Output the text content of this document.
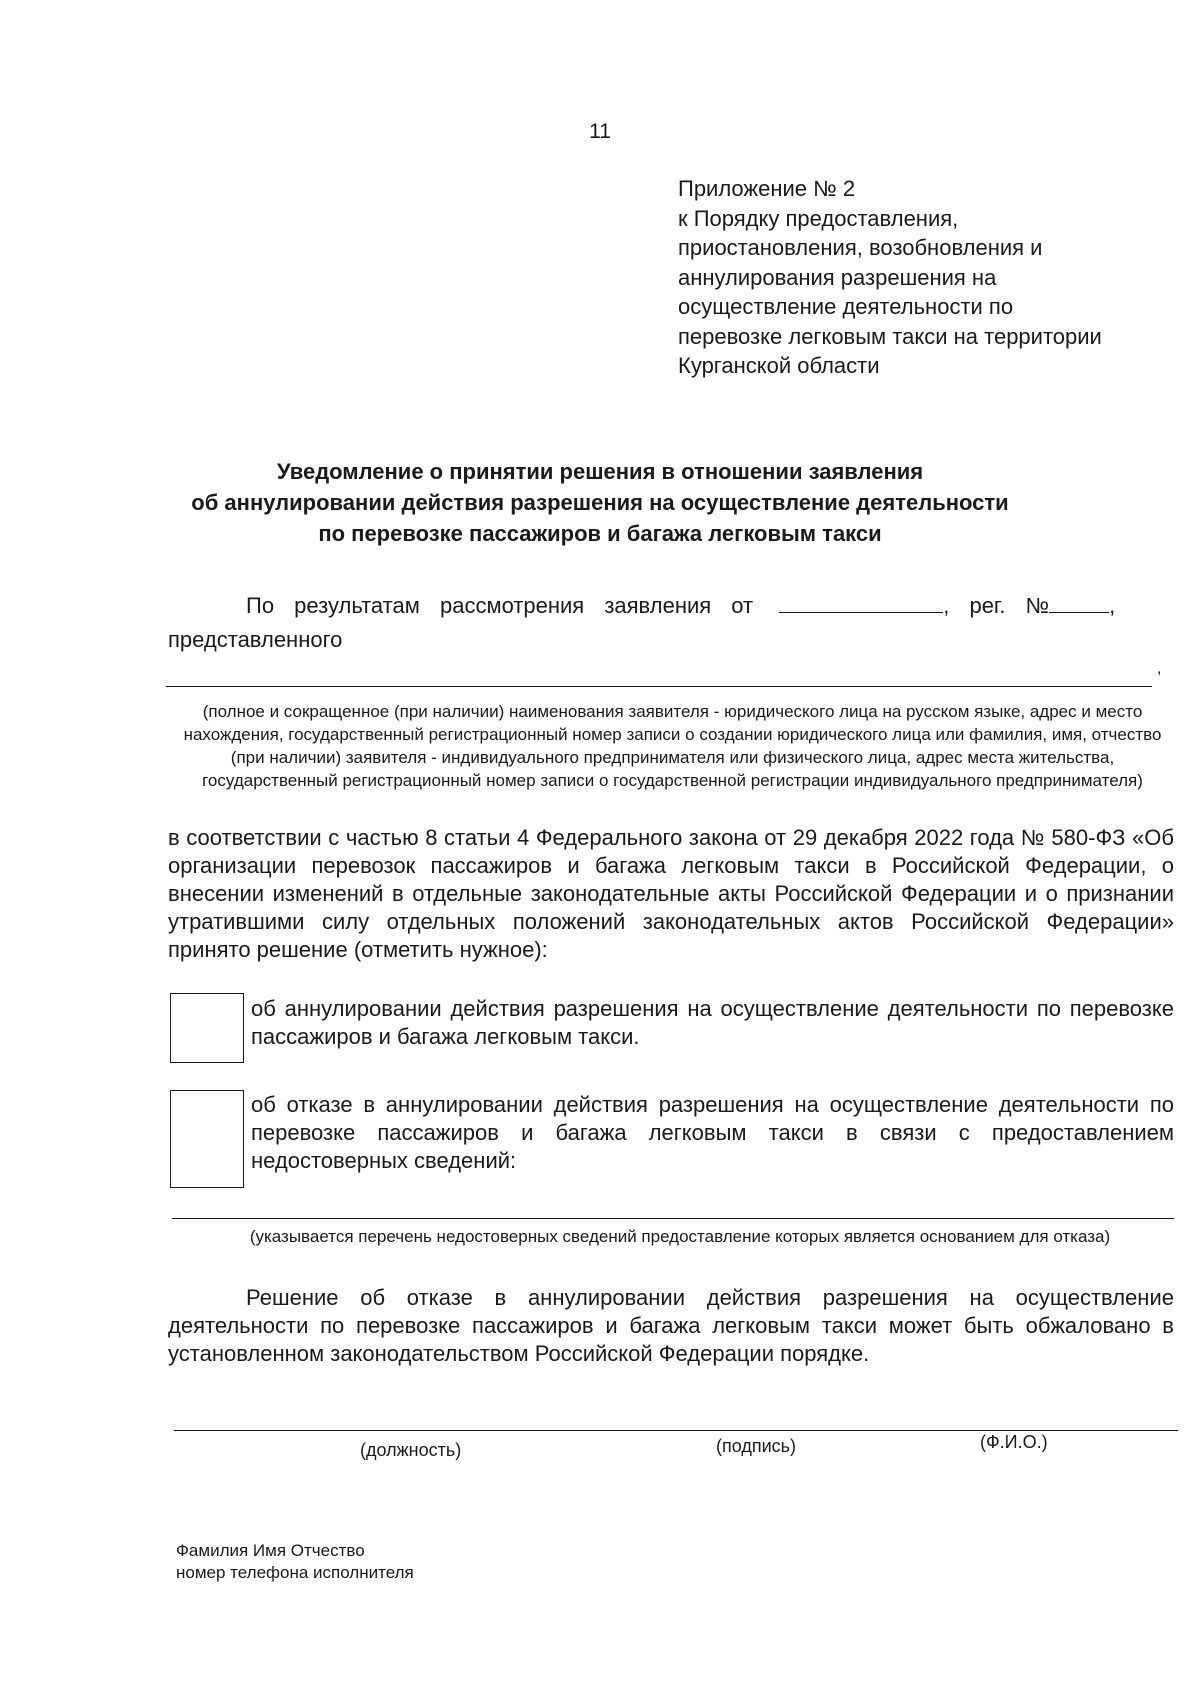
11
Приложение № 2
к Порядку предоставления,
приостановления, возобновления и
аннулирования разрешения на
осуществление деятельности по
перевозке легковым такси на территории
Курганской области
Уведомление о принятии решения в отношении заявления
об аннулировании действия разрешения на осуществление деятельности
по перевозке пассажиров и багажа легковым такси
По результатам рассмотрения заявления от	, рег. №	,
представленного
,
(полное и сокращенное (при наличии) наименования заявителя - юридического лица на русском языке, адрес и место нахождения, государственный регистрационный номер записи о создании юридического лица или фамилия, имя, отчество (при наличии) заявителя - индивидуального предпринимателя или физического лица, адрес места жительства, государственный регистрационный номер записи о государственной регистрации индивидуального предпринимателя)
в соответствии с частью 8 статьи 4 Федерального закона от 29 декабря 2022 года № 580-ФЗ «Об организации перевозок пассажиров и багажа легковым такси в Российской Федерации, о внесении изменений в отдельные законодательные акты Российской Федерации и о признании утратившими силу отдельных положений законодательных актов Российской Федерации» принято решение (отметить нужное):
об аннулировании действия разрешения на осуществление деятельности по перевозке пассажиров и багажа легковым такси.
об отказе в аннулировании действия разрешения на осуществление деятельности по перевозке пассажиров и багажа легковым такси в связи с предоставлением недостоверных сведений:
(указывается перечень недостоверных сведений предоставление которых является основанием для отказа)
Решение об отказе в аннулировании действия разрешения на осуществление деятельности по перевозке пассажиров и багажа легковым такси может быть обжаловано в установленном законодательством Российской Федерации порядке.
(должность)	(подпись)	(Ф.И.О.)
Фамилия Имя Отчество
номер телефона исполнителя
